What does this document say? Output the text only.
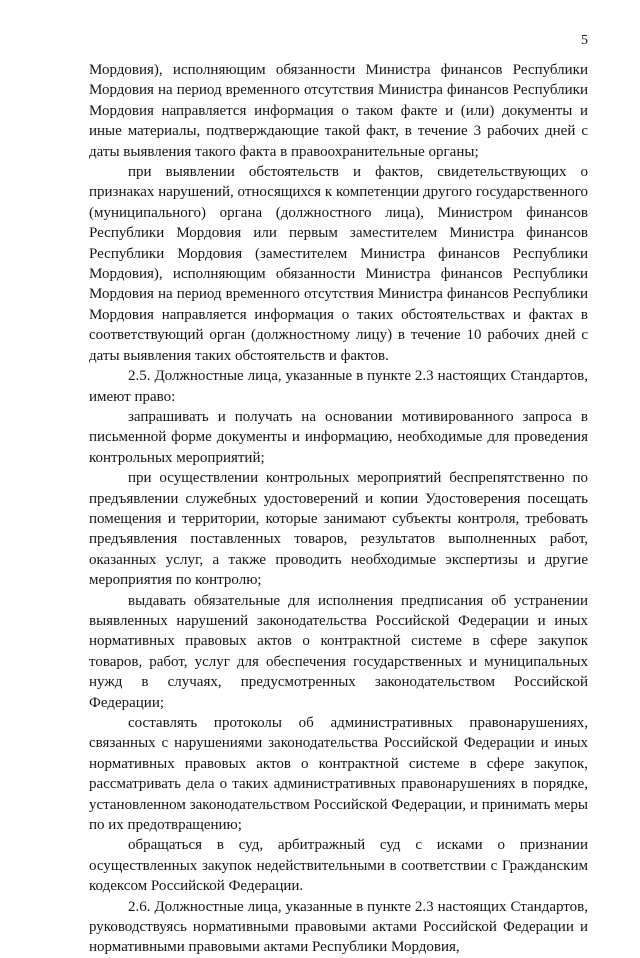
5

Мордовия), исполняющим обязанности Министра финансов Республики Мордовия на период временного отсутствия Министра финансов Республики Мордовия направляется информация о таком факте и (или) документы и иные материалы, подтверждающие такой факт, в течение 3 рабочих дней с даты выявления такого факта в правоохранительные органы;

при выявлении обстоятельств и фактов, свидетельствующих о признаках нарушений, относящихся к компетенции другого государственного (муниципального) органа (должностного лица), Министром финансов Республики Мордовия или первым заместителем Министра финансов Республики Мордовия (заместителем Министра финансов Республики Мордовия), исполняющим обязанности Министра финансов Республики Мордовия на период временного отсутствия Министра финансов Республики Мордовия направляется информация о таких обстоятельствах и фактах в соответствующий орган (должностному лицу) в течение 10 рабочих дней с даты выявления таких обстоятельств и фактов.

2.5. Должностные лица, указанные в пункте 2.3 настоящих Стандартов, имеют право:

запрашивать и получать на основании мотивированного запроса в письменной форме документы и информацию, необходимые для проведения контрольных мероприятий;

при осуществлении контрольных мероприятий беспрепятственно по предъявлении служебных удостоверений и копии Удостоверения посещать помещения и территории, которые занимают субъекты контроля, требовать предъявления поставленных товаров, результатов выполненных работ, оказанных услуг, а также проводить необходимые экспертизы и другие мероприятия по контролю;

выдавать обязательные для исполнения предписания об устранении выявленных нарушений законодательства Российской Федерации и иных нормативных правовых актов о контрактной системе в сфере закупок товаров, работ, услуг для обеспечения государственных и муниципальных нужд в случаях, предусмотренных законодательством Российской Федерации;

составлять протоколы об административных правонарушениях, связанных с нарушениями законодательства Российской Федерации и иных нормативных правовых актов о контрактной системе в сфере закупок, рассматривать дела о таких административных правонарушениях в порядке, установленном законодательством Российской Федерации, и принимать меры по их предотвращению;

обращаться в суд, арбитражный суд с исками о признании осуществленных закупок недействительными в соответствии с Гражданским кодексом Российской Федерации.

2.6. Должностные лица, указанные в пункте 2.3 настоящих Стандартов, руководствуясь нормативными правовыми актами Российской Федерации и нормативными правовыми актами Республики Мордовия,
